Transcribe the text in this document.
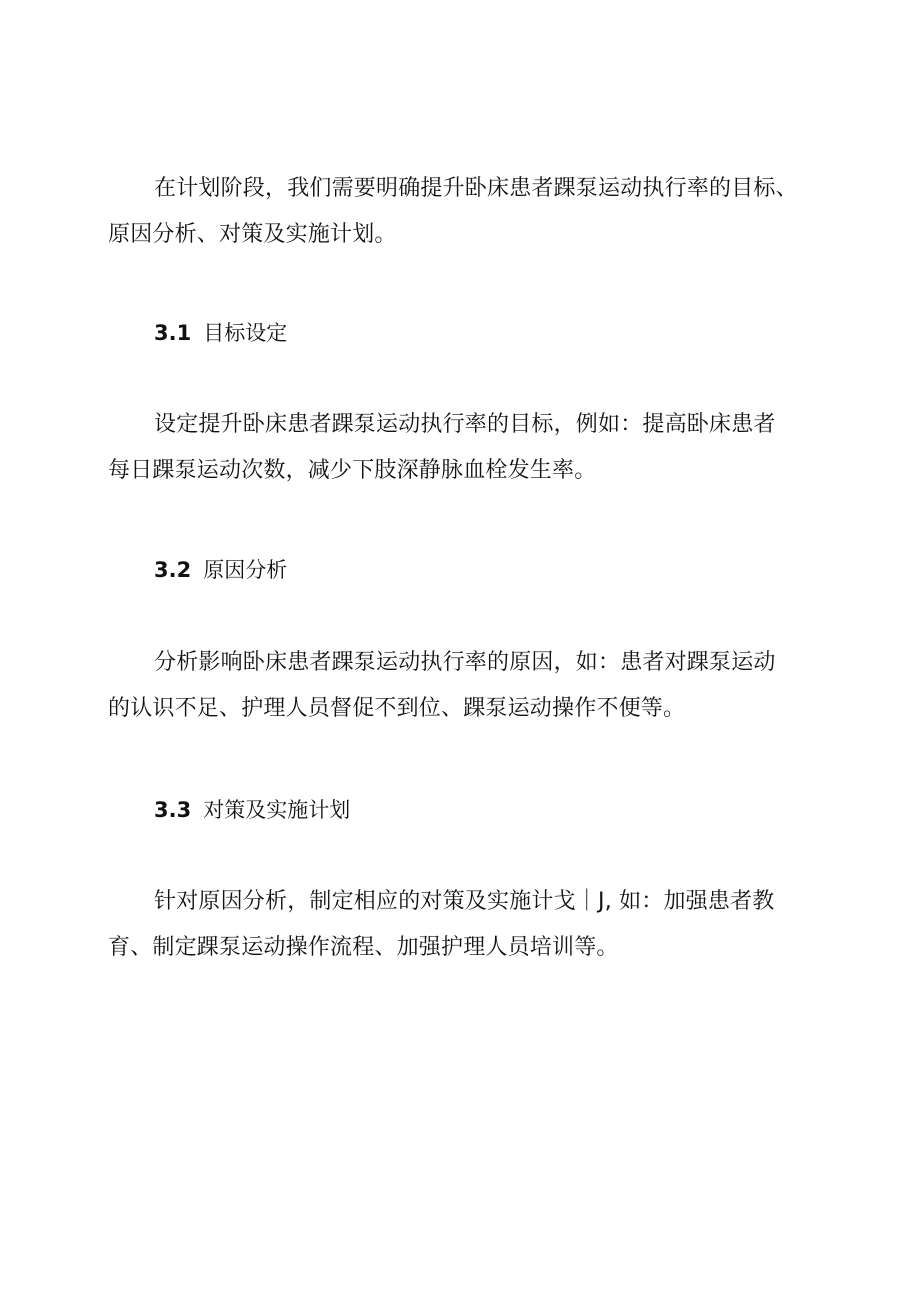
在计划阶段，我们需要明确提升卧床患者踝泵运动执行率的目标、
原因分析、对策及实施计划。

3.1 目标设定

设定提升卧床患者踝泵运动执行率的目标，例如：提高卧床患者
每日踝泵运动次数，减少下肢深静脉血栓发生率。

3.2 原因分析

分析影响卧床患者踝泵运动执行率的原因，如：患者对踝泵运动
的认识不足、护理人员督促不到位、踝泵运动操作不便等。

3.3 对策及实施计划

针对原因分析，制定相应的对策及实施计戈｜J, 如：加强患者教
育、制定踝泵运动操作流程、加强护理人员培训等。
